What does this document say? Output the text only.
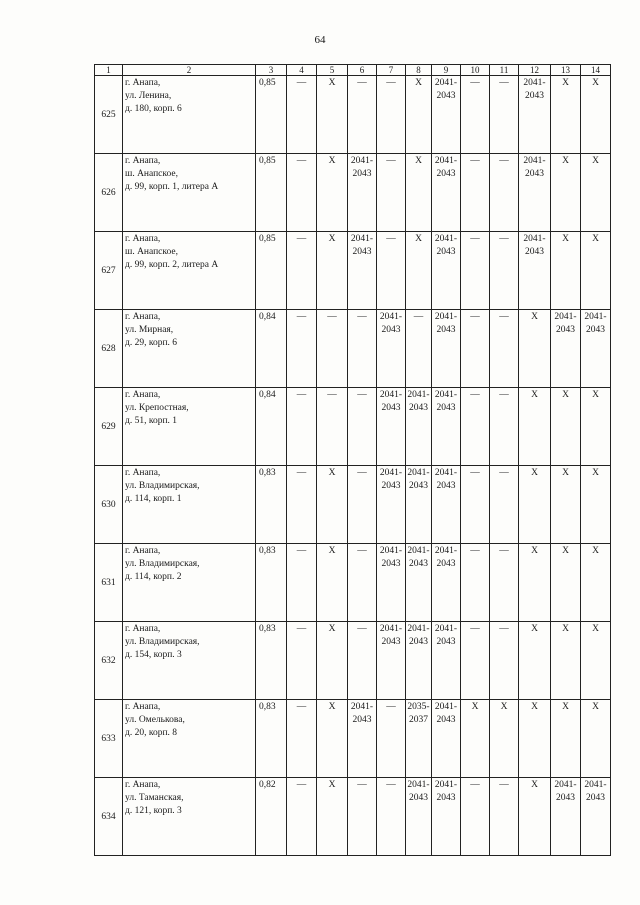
64
1	2	3	4	5	6	7	8	9	10	11	12	13	14
625	г. Анапа,
ул. Ленина,
д. 180, корп. 6	0,85	—	X	—	—	X	2041-
2043	—	—	2041-
2043	X	X
626	г. Анапа,
ш. Анапское,
д. 99, корп. 1, литера А	0,85	—	X	2041-
2043	—	X	2041-
2043	—	—	2041-
2043	X	X
627	г. Анапа,
ш. Анапское,
д. 99, корп. 2, литера А	0,85	—	X	2041-
2043	—	X	2041-
2043	—	—	2041-
2043	X	X
628	г. Анапа,
ул. Мирная,
д. 29, корп. 6	0,84	—	—	—	2041-
2043	—	2041-
2043	—	—	X	2041-
2043	2041-
2043
629	г. Анапа,
ул. Крепостная,
д. 51, корп. 1	0,84	—	—	—	2041-
2043	2041-
2043	2041-
2043	—	—	X	X	X
630	г. Анапа,
ул. Владимирская,
д. 114, корп. 1	0,83	—	X	—	2041-
2043	2041-
2043	2041-
2043	—	—	X	X	X
631	г. Анапа,
ул. Владимирская,
д. 114, корп. 2	0,83	—	X	—	2041-
2043	2041-
2043	2041-
2043	—	—	X	X	X
632	г. Анапа,
ул. Владимирская,
д. 154, корп. 3	0,83	—	X	—	2041-
2043	2041-
2043	2041-
2043	—	—	X	X	X
633	г. Анапа,
ул. Омелькова,
д. 20, корп. 8	0,83	—	X	2041-
2043	—	2035-
2037	2041-
2043	X	X	X	X	X
634	г. Анапа,
ул. Таманская,
д. 121, корп. 3	0,82	—	X	—	—	2041-
2043	2041-
2043	—	—	X	2041-
2043	2041-
2043
